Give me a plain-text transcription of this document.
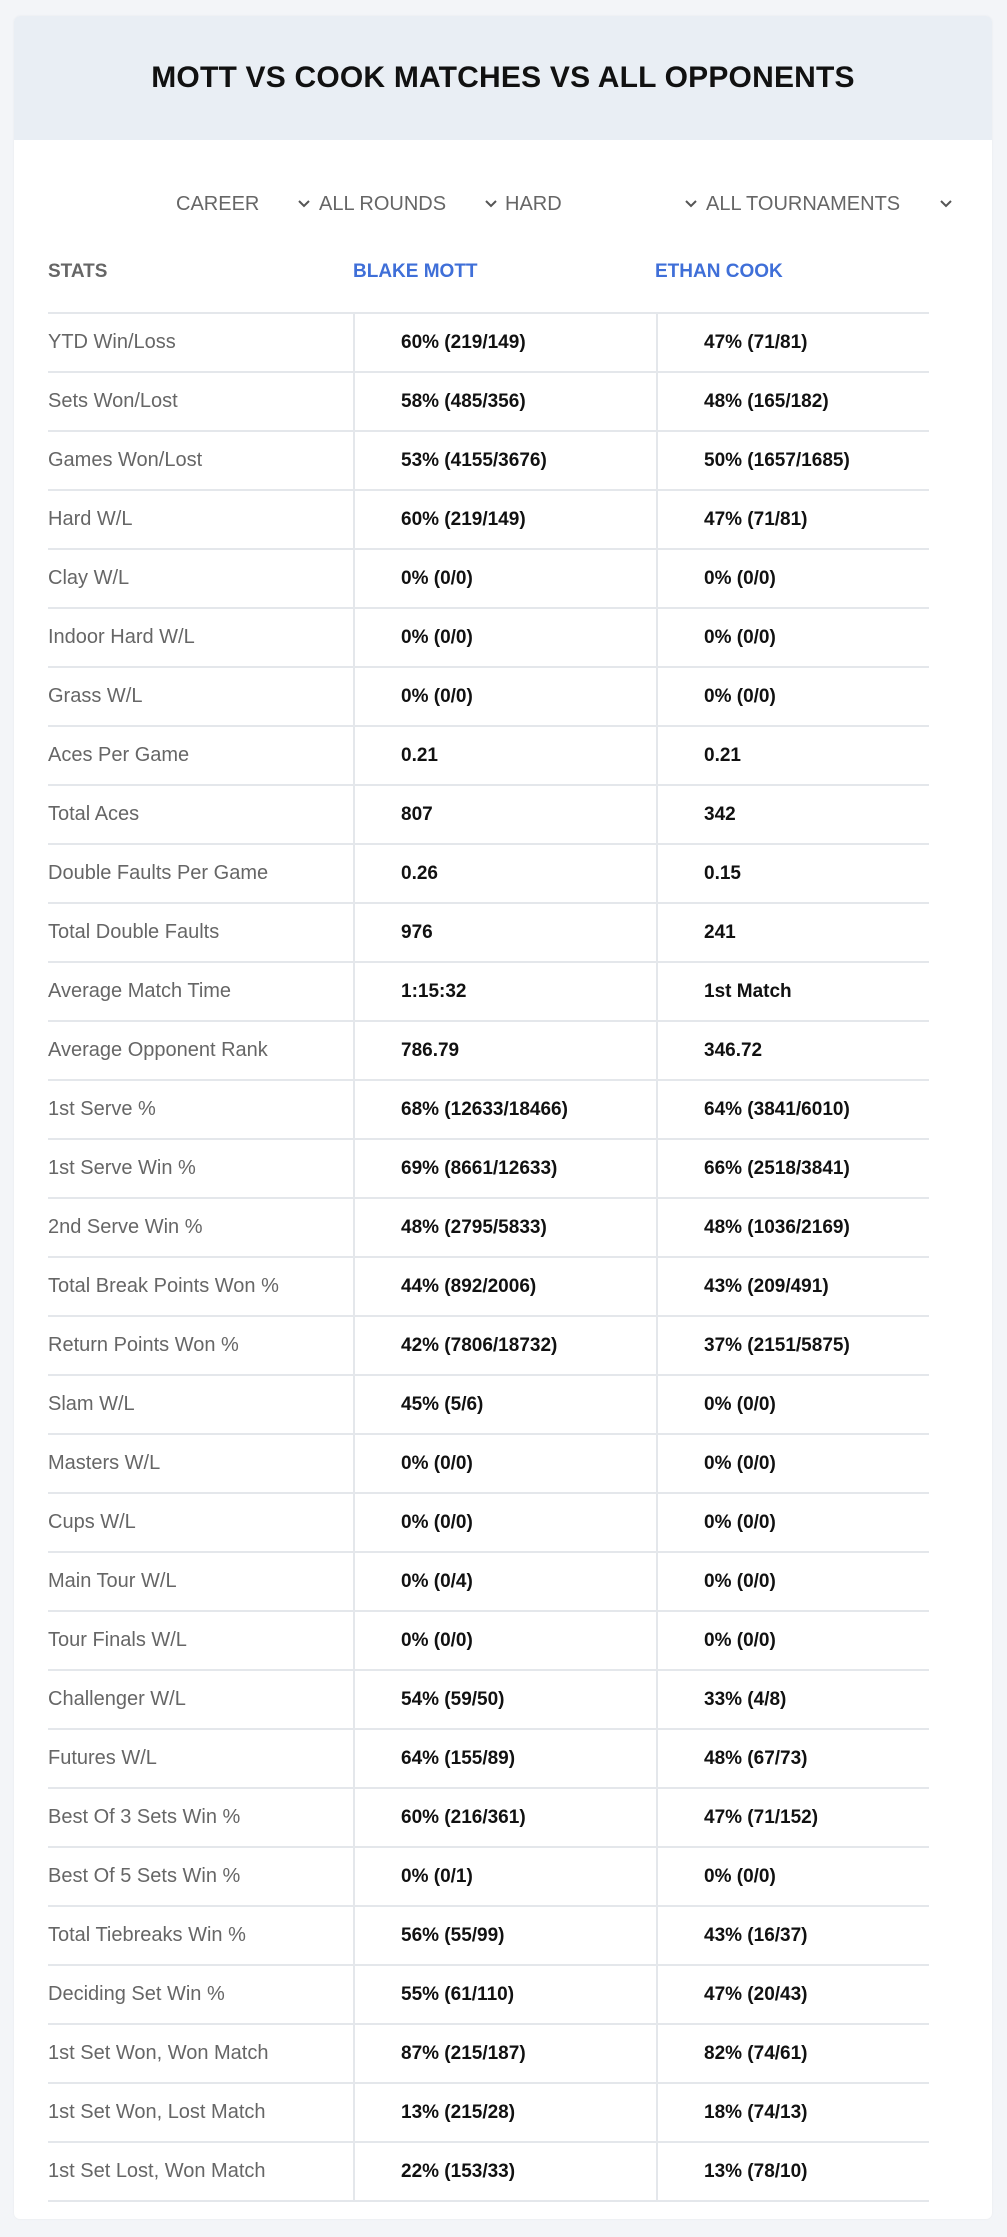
MOTT VS COOK MATCHES VS ALL OPPONENTS
CAREER	ALL ROUNDS	HARD	ALL TOURNAMENTS
STATS	BLAKE MOTT	ETHAN COOK
YTD Win/Loss	60% (219/149)	47% (71/81)
Sets Won/Lost	58% (485/356)	48% (165/182)
Games Won/Lost	53% (4155/3676)	50% (1657/1685)
Hard W/L	60% (219/149)	47% (71/81)
Clay W/L	0% (0/0)	0% (0/0)
Indoor Hard W/L	0% (0/0)	0% (0/0)
Grass W/L	0% (0/0)	0% (0/0)
Aces Per Game	0.21	0.21
Total Aces	807	342
Double Faults Per Game	0.26	0.15
Total Double Faults	976	241
Average Match Time	1:15:32	1st Match
Average Opponent Rank	786.79	346.72
1st Serve %	68% (12633/18466)	64% (3841/6010)
1st Serve Win %	69% (8661/12633)	66% (2518/3841)
2nd Serve Win %	48% (2795/5833)	48% (1036/2169)
Total Break Points Won %	44% (892/2006)	43% (209/491)
Return Points Won %	42% (7806/18732)	37% (2151/5875)
Slam W/L	45% (5/6)	0% (0/0)
Masters W/L	0% (0/0)	0% (0/0)
Cups W/L	0% (0/0)	0% (0/0)
Main Tour W/L	0% (0/4)	0% (0/0)
Tour Finals W/L	0% (0/0)	0% (0/0)
Challenger W/L	54% (59/50)	33% (4/8)
Futures W/L	64% (155/89)	48% (67/73)
Best Of 3 Sets Win %	60% (216/361)	47% (71/152)
Best Of 5 Sets Win %	0% (0/1)	0% (0/0)
Total Tiebreaks Win %	56% (55/99)	43% (16/37)
Deciding Set Win %	55% (61/110)	47% (20/43)
1st Set Won, Won Match	87% (215/187)	82% (74/61)
1st Set Won, Lost Match	13% (215/28)	18% (74/13)
1st Set Lost, Won Match	22% (153/33)	13% (78/10)
